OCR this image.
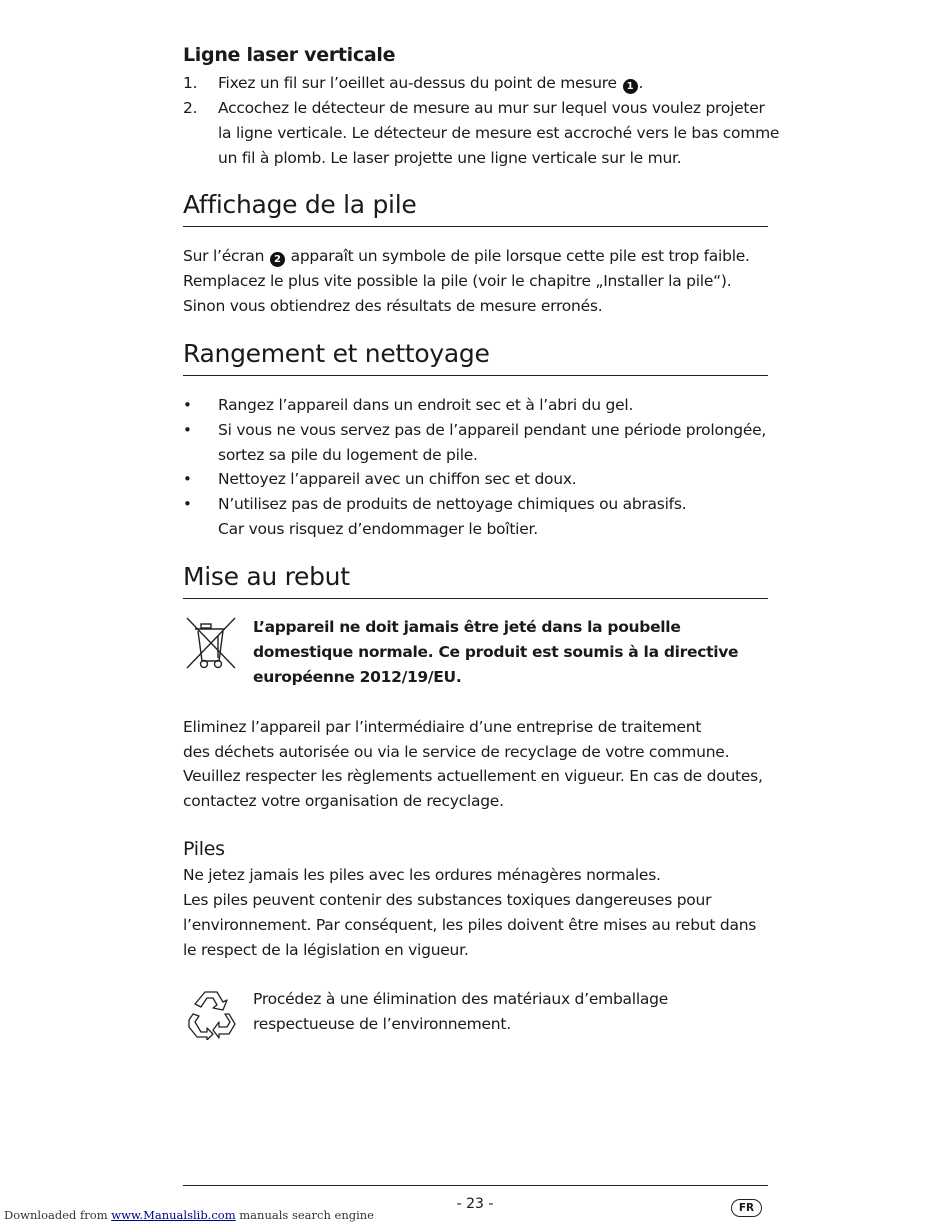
Ligne laser verticale
1. Fixez un fil sur l’oeillet au-dessus du point de mesure 1 .
2. Accochez le détecteur de mesure au mur sur lequel vous voulez projeter
la ligne verticale. Le détecteur de mesure est accroché vers le bas comme
un fil à plomb. Le laser projette une ligne verticale sur le mur.
Affichage de la pile
Sur l’écran 2 apparaît un symbole de pile lorsque cette pile est trop faible.
Remplacez le plus vite possible la pile (voir le chapitre „Installer la pile“).
Sinon vous obtiendrez des résultats de mesure erronés.
Rangement et nettoyage
• Rangez l’appareil dans un endroit sec et à l’abri du gel.
• Si vous ne vous servez pas de l’appareil pendant une période prolongée,
sortez sa pile du logement de pile.
• Nettoyez l’appareil avec un chiffon sec et doux.
• N’utilisez pas de produits de nettoyage chimiques ou abrasifs.
Car vous risquez d’endommager le boîtier.
Mise au rebut
L’appareil ne doit jamais être jeté dans la poubelle
domestique normale. Ce produit est soumis à la directive
européenne 2012/19/EU.
Eliminez l’appareil par l’intermédiaire d’une entreprise de traitement
des déchets autorisée ou via le service de recyclage de votre commune.
Veuillez respecter les règlements actuellement en vigueur. En cas de doutes,
contactez votre organisation de recyclage.
Piles
Ne jetez jamais les piles avec les ordures ménagères normales.
Les piles peuvent contenir des substances toxiques dangereuses pour
l’environnement. Par conséquent, les piles doivent être mises au rebut dans
le respect de la législation en vigueur.
Procédez à une élimination des matériaux d’emballage
respectueuse de l’environnement.
- 23 -	FR
Downloaded from www.Manualslib.com manuals search engine
